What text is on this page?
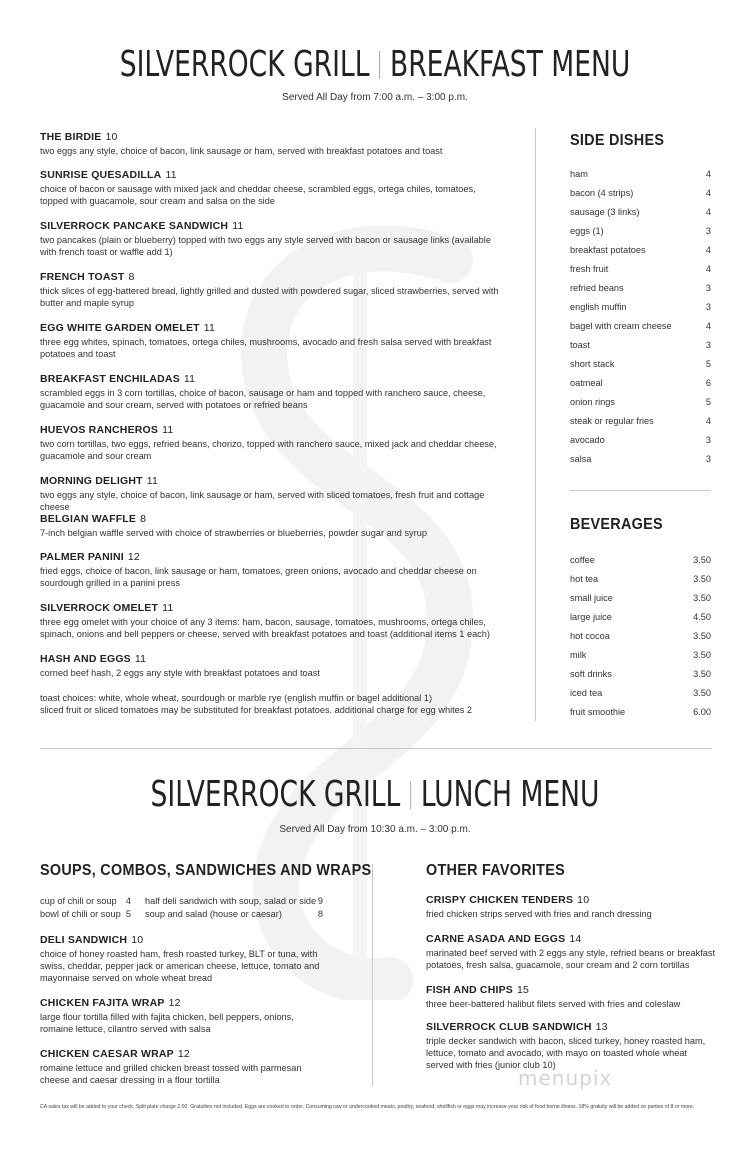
SILVERROCK GRILL BREAKFAST MENU
Served All Day from 7:00 a.m. – 3:00 p.m.
THE BIRDIE 10
two eggs any style, choice of bacon, link sausage or ham, served with breakfast potatoes and toast
SUNRISE QUESADILLA 11
choice of bacon or sausage with mixed jack and cheddar cheese, scrambled eggs, ortega chiles, tomatoes, topped with guacamole, sour cream and salsa on the side
SILVERROCK PANCAKE SANDWICH 11
two pancakes (plain or blueberry) topped with two eggs any style served with bacon or sausage links (available with french toast or waffle add 1)
FRENCH TOAST 8
thick slices of egg-battered bread, lightly grilled and dusted with powdered sugar, sliced strawberries, served with butter and maple syrup
EGG WHITE GARDEN OMELET 11
three egg whites, spinach, tomatoes, ortega chiles, mushrooms, avocado and fresh salsa served with breakfast potatoes and toast
BREAKFAST ENCHILADAS 11
scrambled eggs in 3 corn tortillas, choice of bacon, sausage or ham and topped with ranchero sauce, cheese, guacamole and sour cream, served with potatoes or refried beans
HUEVOS RANCHEROS 11
two corn tortillas, two eggs, refried beans, chorizo, topped with ranchero sauce, mixed jack and cheddar cheese, guacamole and sour cream
MORNING DELIGHT 11
two eggs any style, choice of bacon, link sausage or ham, served with sliced tomatoes, fresh fruit and cottage cheese
BELGIAN WAFFLE 8
7-inch belgian waffle served with choice of strawberries or blueberries, powder sugar and syrup
PALMER PANINI 12
fried eggs, choice of bacon, link sausage or ham, tomatoes, green onions, avocado and cheddar cheese on sourdough grilled in a panini press
SILVERROCK OMELET 11
three egg omelet with your choice of any 3 items: ham, bacon, sausage, tomatoes, mushrooms, ortega chiles, spinach, onions and bell peppers or cheese, served with breakfast potatoes and toast (additional items 1 each)
HASH AND EGGS 11
corned beef hash, 2 eggs any style with breakfast potatoes and toast
toast choices: white, whole wheat, sourdough or marble rye (english muffin or bagel additional 1)
sliced fruit or sliced tomatoes may be substituted for breakfast potatoes. additional charge for egg whites 2
SIDE DISHES
ham	4
bacon (4 strips)	4
sausage (3 links)	4
eggs (1)	3
breakfast potatoes	4
fresh fruit	4
refried beans	3
english muffin	3
bagel with cream cheese	4
toast	3
short stack	5
oatmeal	6
onion rings	5
steak or regular fries	4
avocado	3
salsa	3
BEVERAGES
coffee	3.50
hot tea	3.50
small juice	3.50
large juice	4.50
hot cocoa	3.50
milk	3.50
soft drinks	3.50
iced tea	3.50
fruit smoothie	6.00
SILVERROCK GRILL LUNCH MENU
Served All Day from 10:30 a.m. – 3:00 p.m.
SOUPS, COMBOS, SANDWICHES AND WRAPS	OTHER FAVORITES
cup of chili or soup 4
bowl of chili or soup 5
half deli sandwich with soup, salad or side 9
soup and salad (house or caesar)	8
DELI SANDWICH 10
choice of honey roasted ham, fresh roasted turkey, BLT or tuna, with swiss, cheddar, pepper jack or american cheese, lettuce, tomato and mayonnaise served on whole wheat bread
CHICKEN FAJITA WRAP 12
large flour tortilla filled with fajita chicken, bell peppers, onions, romaine lettuce, cilantro served with salsa
CHICKEN CAESAR WRAP 12
romaine lettuce and grilled chicken breast tossed with parmesan cheese and caesar dressing in a flour tortilla
CRISPY CHICKEN TENDERS 10
fried chicken strips served with fries and ranch dressing
CARNE ASADA AND EGGS 14
marinated beef served with 2 eggs any style, refried beans or breakfast potatoes, fresh salsa, guacamole, sour cream and 2 corn tortillas
FISH AND CHIPS 15
three beer-battered halibut filets served with fries and coleslaw
SILVERROCK CLUB SANDWICH 13
triple decker sandwich with bacon, sliced turkey, honey roasted ham, lettuce, tomato and avocado, with mayo on toasted whole wheat served with fries (junior club 10)
menupix
CA sales tax will be added to your check. Split plate charge 2.00. Gratuities not included. Eggs are cooked to order. Consuming raw or undercooked meats, poultry, seafood, shellfish or eggs may increase your risk of food borne illness. 18% gratuity will be added on parties of 8 or more.
